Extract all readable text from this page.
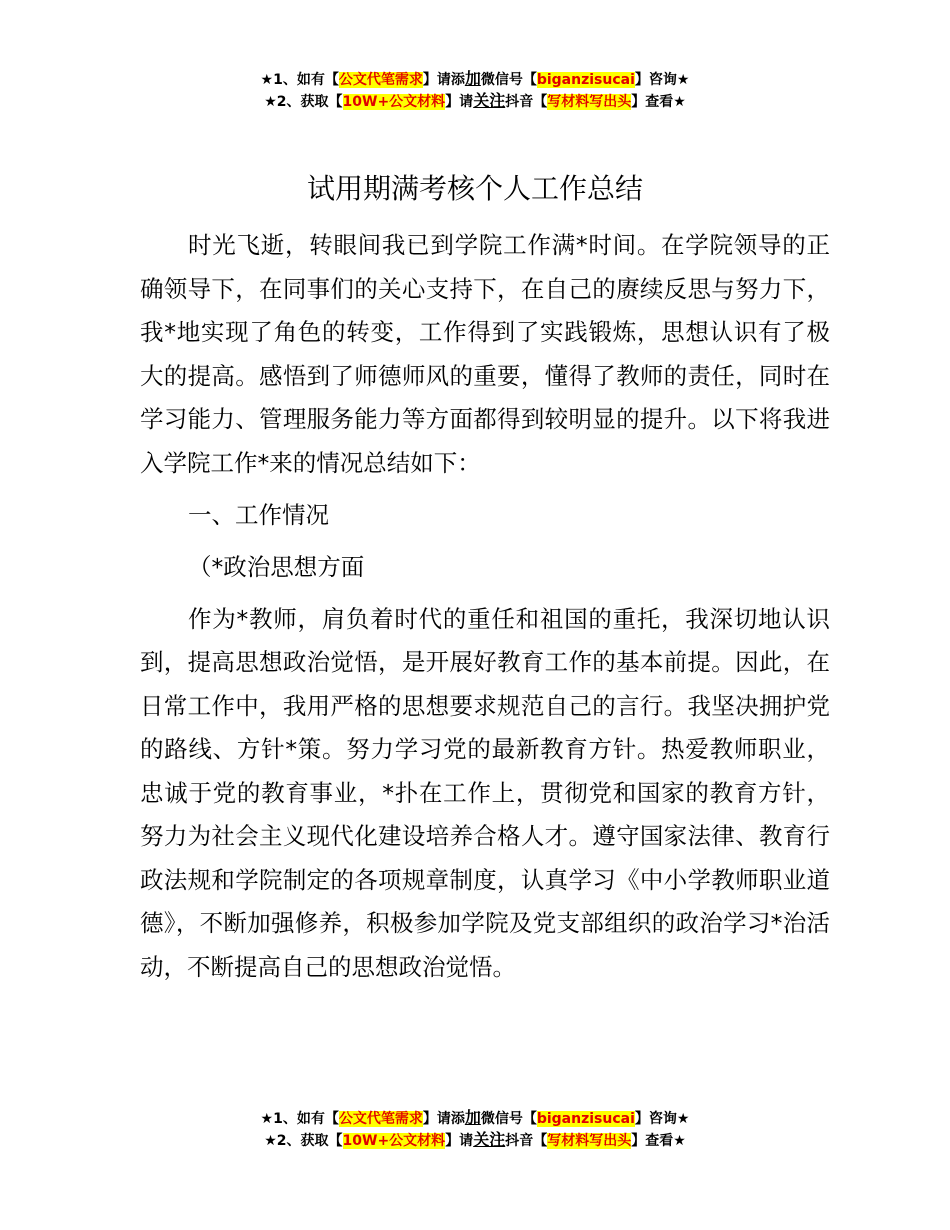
★1、如有【公文代笔需求】请添加微信号【biganzisucai】咨询★
★2、获取【10W+公文材料】请关注抖音【写材料写出头】查看★
试用期满考核个人工作总结

时光飞逝，转眼间我已到学院工作满*时间。在学院领导的正确领导下，在同事们的关心支持下，在自己的赓续反思与努力下，我*地实现了角色的转变，工作得到了实践锻炼，思想认识有了极大的提高。感悟到了师德师风的重要，懂得了教师的责任，同时在学习能力、管理服务能力等方面都得到较明显的提升。以下将我进入学院工作*来的情况总结如下：

一、工作情况

（*政治思想方面

作为*教师，肩负着时代的重任和祖国的重托，我深切地认识到，提高思想政治觉悟，是开展好教育工作的基本前提。因此，在日常工作中，我用严格的思想要求规范自己的言行。我坚决拥护党的路线、方针*策。努力学习党的最新教育方针。热爱教师职业，忠诚于党的教育事业，*扑在工作上，贯彻党和国家的教育方针，努力为社会主义现代化建设培养合格人才。遵守国家法律、教育行政法规和学院制定的各项规章制度，认真学习《中小学教师职业道德》，不断加强修养，积极参加学院及党支部组织的政治学习*治活动，不断提高自己的思想政治觉悟。

★1、如有【公文代笔需求】请添加微信号【biganzisucai】咨询★
★2、获取【10W+公文材料】请关注抖音【写材料写出头】查看★
